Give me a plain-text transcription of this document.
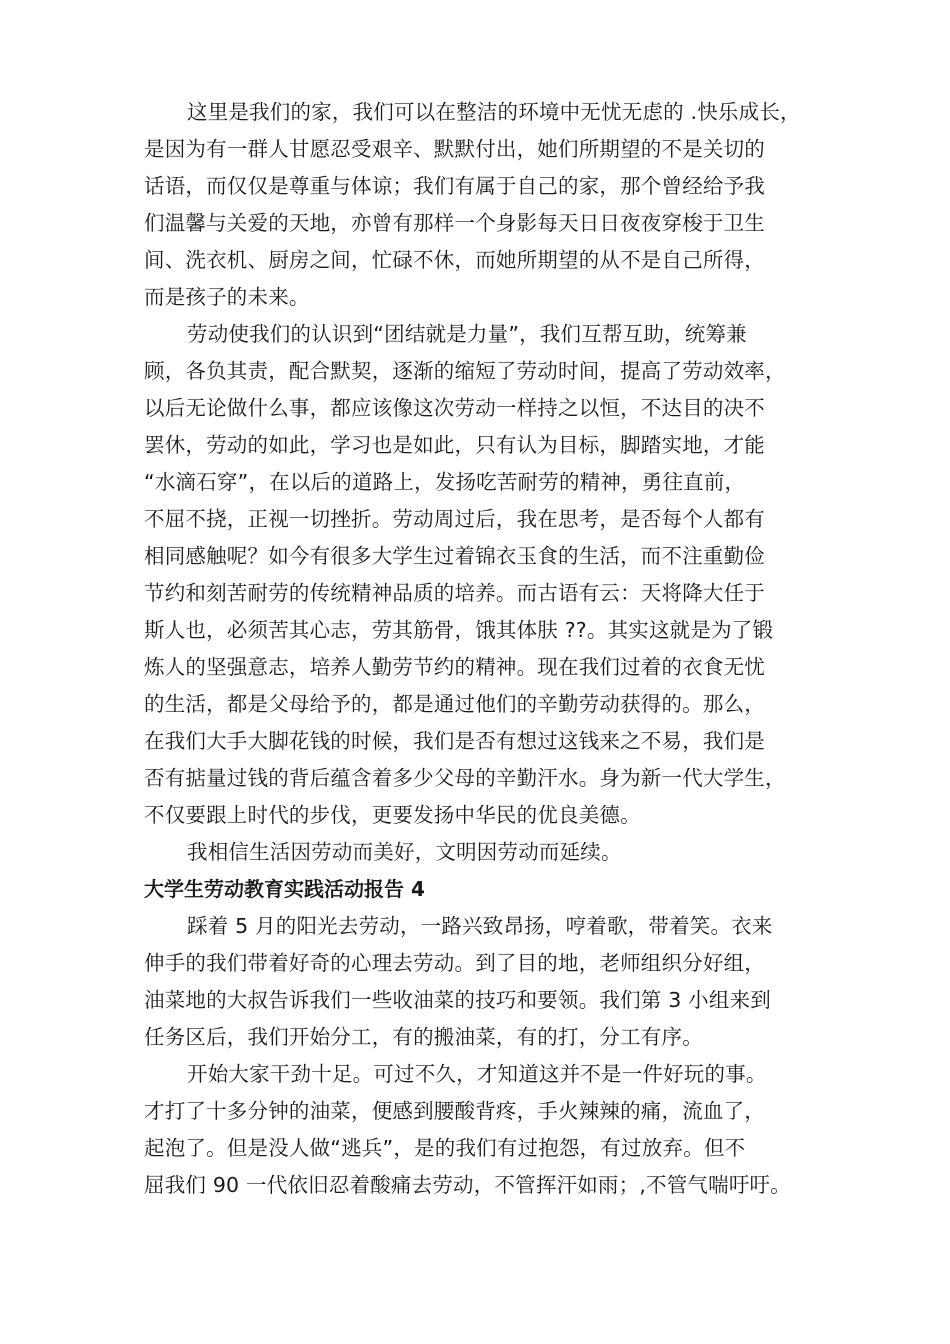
这里是我们的家，我们可以在整洁的环境中无忧无虑的 .快乐成长，
是因为有一群人甘愿忍受艰辛、默默付出，她们所期望的不是关切的
话语，而仅仅是尊重与体谅；我们有属于自己的家，那个曾经给予我
们温馨与关爱的天地，亦曾有那样一个身影每天日日夜夜穿梭于卫生
间、洗衣机、厨房之间，忙碌不休，而她所期望的从不是自己所得，
而是孩子的未来。
劳动使我们的认识到“团结就是力量”，我们互帮互助，统筹兼
顾，各负其责，配合默契，逐渐的缩短了劳动时间，提高了劳动效率，
以后无论做什么事，都应该像这次劳动一样持之以恒，不达目的决不
罢休，劳动的如此，学习也是如此，只有认为目标，脚踏实地，才能
“水滴石穿”，在以后的道路上，发扬吃苦耐劳的精神，勇往直前，
不屈不挠，正视一切挫折。劳动周过后，我在思考，是否每个人都有
相同感触呢？如今有很多大学生过着锦衣玉食的生活，而不注重勤俭
节约和刻苦耐劳的传统精神品质的培养。而古语有云：天将降大任于
斯人也，必须苦其心志，劳其筋骨，饿其体肤 ??。其实这就是为了锻
炼人的坚强意志，培养人勤劳节约的精神。现在我们过着的衣食无忧
的生活，都是父母给予的，都是通过他们的辛勤劳动获得的。那么，
在我们大手大脚花钱的时候，我们是否有想过这钱来之不易，我们是
否有掂量过钱的背后蕴含着多少父母的辛勤汗水。身为新一代大学生，
不仅要跟上时代的步伐，更要发扬中华民的优良美德。
我相信生活因劳动而美好，文明因劳动而延续。
大学生劳动教育实践活动报告 4
踩着 5 月的阳光去劳动，一路兴致昂扬，哼着歌，带着笑。衣来
伸手的我们带着好奇的心理去劳动。到了目的地，老师组织分好组，
油菜地的大叔告诉我们一些收油菜的技巧和要领。我们第 3 小组来到
任务区后，我们开始分工，有的搬油菜，有的打，分工有序。
开始大家干劲十足。可过不久，才知道这并不是一件好玩的事。
才打了十多分钟的油菜，便感到腰酸背疼，手火辣辣的痛，流血了，
起泡了。但是没人做“逃兵”，是的我们有过抱怨，有过放弃。但不
屈我们 90 一代依旧忍着酸痛去劳动，不管挥汗如雨；,不管气喘吁吁。
